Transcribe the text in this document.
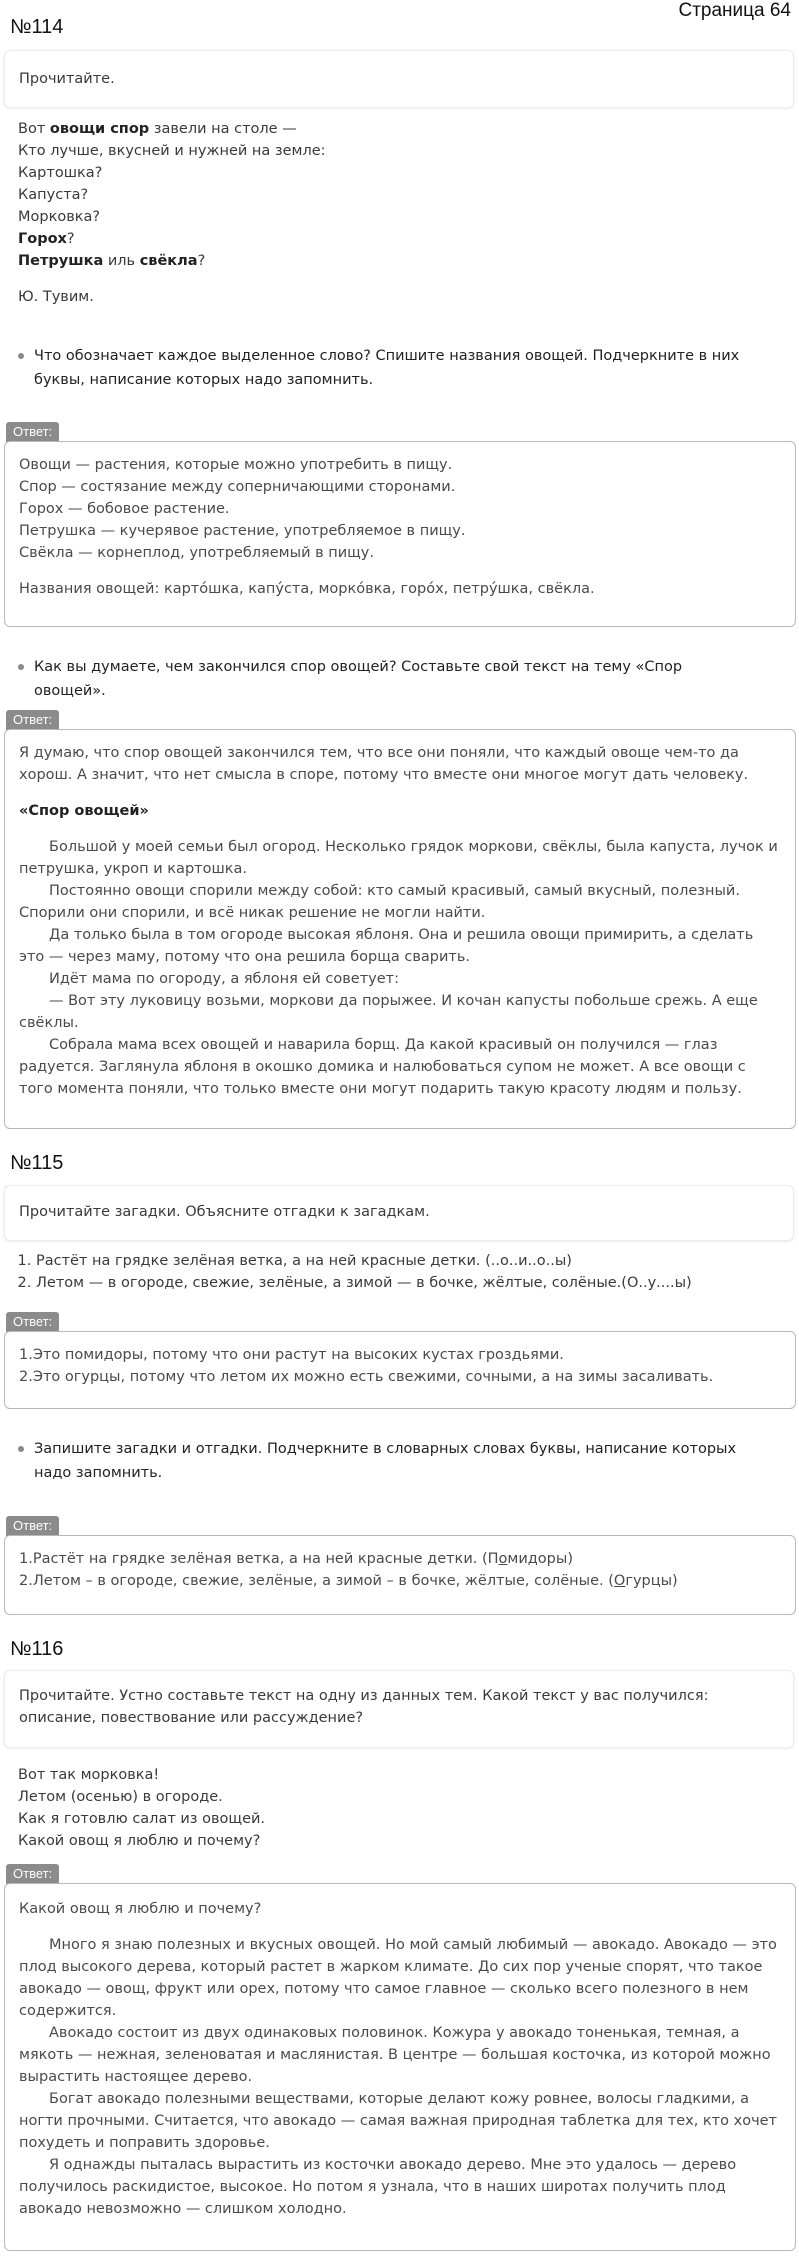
Страница 64
№114
Прочитайте.
Вот овощи спор завели на столе —
Кто лучше, вкусней и нужней на земле:
Картошка?
Капуста?
Морковка?
Горох?
Петрушка иль свёкла?
Ю. Тувим.
Что обозначает каждое выделенное слово? Спишите названия овощей. Подчеркните в них буквы, написание которых надо запомнить.
Ответ:
Овощи — растения, которые можно употребить в пищу.
Спор — состязание между соперничающими сторонами.
Горох — бобовое растение.
Петрушка — кучерявое растение, употребляемое в пищу.
Свёкла — корнеплод, употребляемый в пищу.
Названия овощей: карто́шка, капу́ста, морко́вка, горо́х, петру́шка, свёкла.
Как вы думаете, чем закончился спор овощей? Составьте свой текст на тему «Спор овощей».
Ответ:
Я думаю, что спор овощей закончился тем, что все они поняли, что каждый овоще чем-то да хорош. А значит, что нет смысла в споре, потому что вместе они многое могут дать человеку.
«Спор овощей»
Большой у моей семьи был огород. Несколько грядок моркови, свёклы, была капуста, лучок и петрушка, укроп и картошка.
Постоянно овощи спорили между собой: кто самый красивый, самый вкусный, полезный. Спорили они спорили, и всё никак решение не могли найти.
Да только была в том огороде высокая яблоня. Она и решила овощи примирить, а сделать это — через маму, потому что она решила борща сварить.
Идёт мама по огороду, а яблоня ей советует:
— Вот эту луковицу возьми, моркови да порыжее. И кочан капусты побольше срежь. А еще свёклы.
Собрала мама всех овощей и наварила борщ. Да какой красивый он получился — глаз радуется. Заглянула яблоня в окошко домика и налюбоваться супом не может. А все овощи с того момента поняли, что только вместе они могут подарить такую красоту людям и пользу.
№115
Прочитайте загадки. Объясните отгадки к загадкам.
1. Растёт на грядке зелёная ветка, а на ней красные детки. (..о..и..о..ы)
2. Летом — в огороде, свежие, зелёные, а зимой — в бочке, жёлтые, солёные.(О..у....ы)
Ответ:
1.Это помидоры, потому что они растут на высоких кустах гроздьями.
2.Это огурцы, потому что летом их можно есть свежими, сочными, а на зимы засаливать.
Запишите загадки и отгадки. Подчеркните в словарных словах буквы, написание которых надо запомнить.
Ответ:
1.Растёт на грядке зелёная ветка, а на ней красные детки. (Помидоры)
2.Летом – в огороде, свежие, зелёные, а зимой – в бочке, жёлтые, солёные. (Огурцы)
№116
Прочитайте. Устно составьте текст на одну из данных тем. Какой текст у вас получился: описание, повествование или рассуждение?
Вот так морковка!
Летом (осенью) в огороде.
Как я готовлю салат из овощей.
Какой овощ я люблю и почему?
Ответ:
Какой овощ я люблю и почему?
Много я знаю полезных и вкусных овощей. Но мой самый любимый — авокадо. Авокадо — это плод высокого дерева, который растет в жарком климате. До сих пор ученые спорят, что такое авокадо — овощ, фрукт или орех, потому что самое главное — сколько всего полезного в нем содержится.
Авокадо состоит из двух одинаковых половинок. Кожура у авокадо тоненькая, темная, а мякоть — нежная, зеленоватая и маслянистая. В центре — большая косточка, из которой можно вырастить настоящее дерево.
Богат авокадо полезными веществами, которые делают кожу ровнее, волосы гладкими, а ногти прочными. Считается, что авокадо — самая важная природная таблетка для тех, кто хочет похудеть и поправить здоровье.
Я однажды пыталась вырастить из косточки авокадо дерево. Мне это удалось — дерево получилось раскидистое, высокое. Но потом я узнала, что в наших широтах получить плод авокадо невозможно — слишком холодно.
